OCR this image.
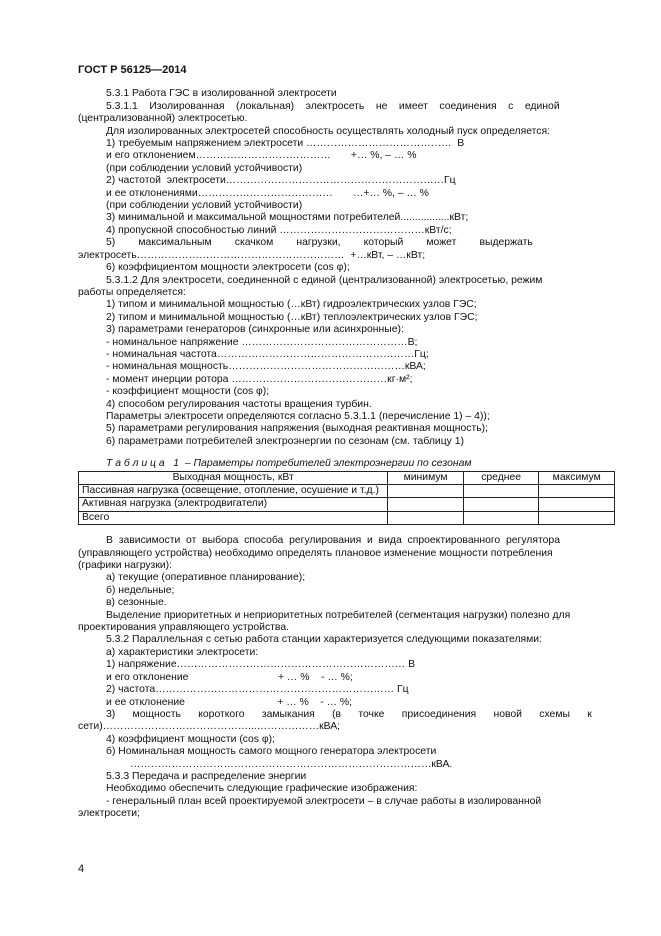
ГОСТ Р 56125—2014
5.3.1 Работа ГЭС в изолированной электросети
5.3.1.1    Изолированная    (локальная)    электросеть    не    имеет    соединения    с    единой
(централизованной) электросетью.
Для изолированных электросетей способность осуществлять холодный пуск определяется:
1) требуемым напряжением электросети ……………………………………  В
и его отклонением…………………………………       +… %, – … %
(при соблюдении условий устойчивости)
2) частотой  электросети………………………………………………………Гц
и ее отклонениями…………………………………       …+… %, – … %
(при соблюдении условий устойчивости)
3) минимальной и максимальной мощностями потребителей.................кВт;
4) пропускной способностью линий ……………………………………кВт/с;
5)        максимальным        скачком        нагрузки,        который        может        выдержать
электросеть……………………………………………………  +…кВт, – …кВт;
6) коэффициентом мощности электросети (cos φ);
5.3.1.2 Для электросети, соединенной с единой (централизованной) электросетью, режим
работы определяется:
1) типом и минимальной мощностью (…кВт) гидроэлектрических узлов ГЭС;
2) типом и минимальной мощностью (…кВт) теплоэлектрических узлов ГЭС;
3) параметрами генераторов (синхронные или асинхронные):
- номинальное напряжение …………………………………………В;
- номинальная частота…………………………………………………Гц;
- номинальная мощность……………………………………………кВА;
- момент инерции ротора ………………………………………кг·м²;
- коэффициент мощности (cos φ);
4) способом регулирования частоты вращения турбин.
Параметры электросети определяются согласно 5.3.1.1 (перечисление 1) – 4));
5) параметрами регулирования напряжения (выходная реактивная мощность);
6) параметрами потребителей электроэнергии по сезонам (см. таблицу 1)
Т а б л и ц а   1  – Параметры потребителей электроэнергии по сезонам
Выходная мощность, кВт	минимум	среднее	максимум
Пассивная нагрузка (освещение, отопление, осушение и т.д.)			
Активная нагрузка (электродвигатели)			
Всего			
В  зависимости  от  выбора  способа  регулирования  и  вида  спроектированного  регулятора
(управляющего устройства) необходимо определять плановое изменение мощности потребления
(графики нагрузки):
а) текущие (оперативное планирование);
б) недельные;
в) сезонные.
Выделение приоритетных и неприоритетных потребителей (сегментация нагрузки) полезно для
проектирования управляющего устройства.
5.3.2 Параллельная с сетью работа станции характеризуется следующими показателями:
а) характеристики электросети:
1) напряжение………………………………………………………… В
и его отклонение                               + … %    - … %;
2) частота…………………………………………………………… Гц
и ее отклонение                                + … %    - … %;
3)      мощность      короткого      замыкания      (в      точке      присоединения      новой      схемы      к
сети)……………………………………...………………кВА;
4) коэффициент мощности (cos φ);
б) Номинальная мощность самого мощного генератора электросети
……………………………………………………………………………кВА.
5.3.3 Передача и распределение энергии
Необходимо обеспечить следующие графические изображения:
- генеральный план всей проектируемой электросети – в случае работы в изолированной
электросети;
4
